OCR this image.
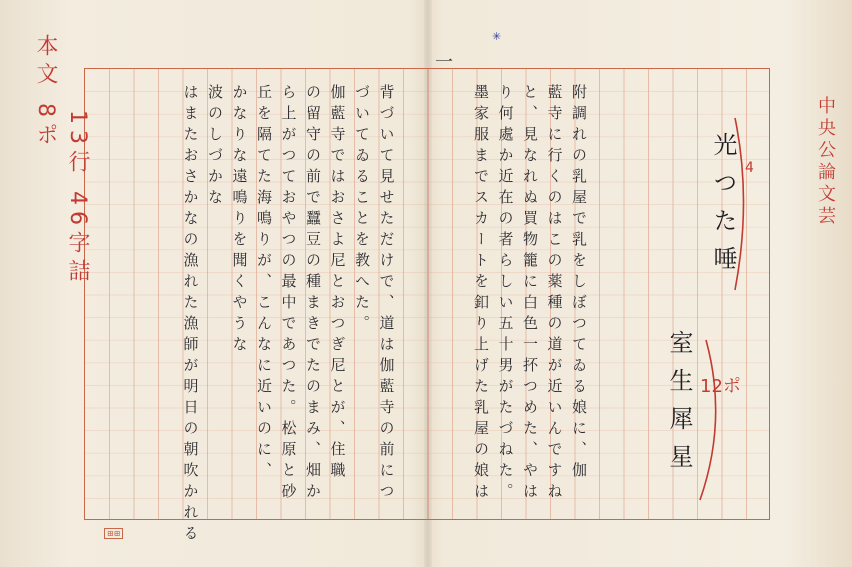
一
✳
光つた唾
室生犀星
本文 8ポ
13行 46字詰	中央公論文芸
12ポ
4
附調れの乳屋で乳をしぼつてゐる娘に、伽
藍寺に行くのはこの薬種の道が近いんですね
と、見なれぬ買物籠に白色一抔つめた、やは
り何處か近在の者らしい五十男がたづねた。
墨家服までスカートを釦り上げた乳屋の娘は
背づいて見せただけで、道は伽藍寺の前につ
づいてゐることを教へた。
伽藍寺ではおさよ尼とおつぎ尼とが、住職
の留守の前で蠶豆の種まきでたのまみ、畑か
ら上がつておやつの最中であつた。松原と砂
丘を隔てた海鳴りが、こんなに近いのに、
かなりな遠鳴りを聞くやうな
波のしづかな
はまたおさかなの漁れた漁師が明日の朝吹かれる
⊞⊞
